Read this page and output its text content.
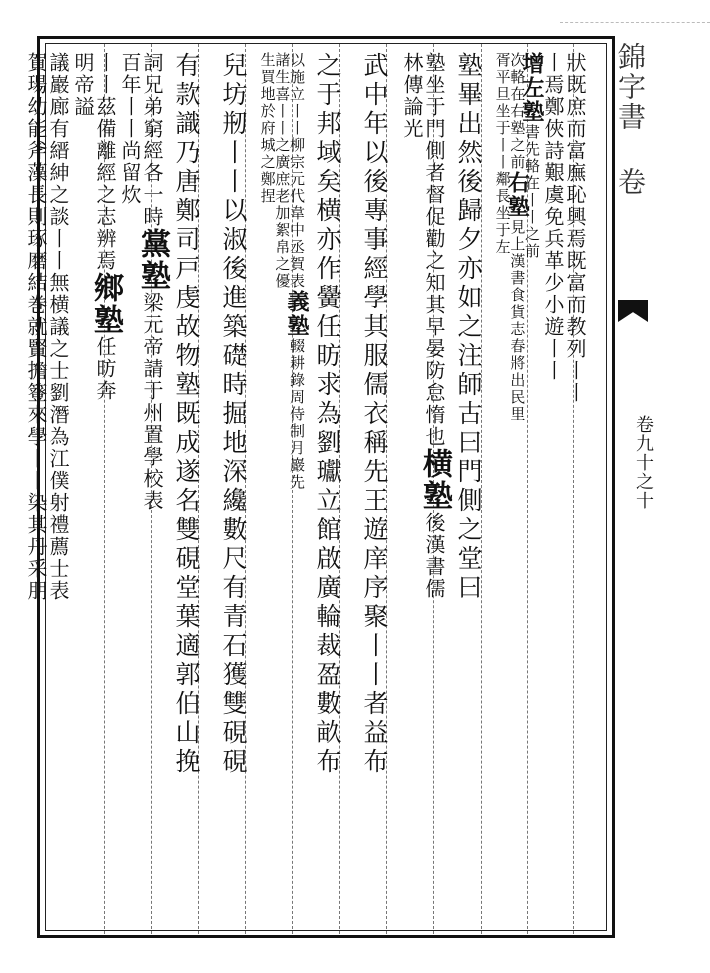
狀既庶而富廡恥興焉既富而教列丨丨
丨焉鄭俠詩艱虞免兵革少小遊丨丨
增左塾書先輅在丨丨之前
次輅在右塾之前右塾見上漢書食貨志春將出民里
胥平旦坐于丨丨鄰長坐于左
塾畢出然後歸夕亦如之注師古曰門側之堂曰
塾坐于門側者督促勸之知其早晏防怠惰也横塾後漢書儒
林傳論光
武中年以後專事經學其服儒衣稱先王遊庠序聚丨丨者益布
之于邦域矣横亦作黌任昉求為劉瓛立館啟廣輪裁盈數畝布
以施立丨丨柳宗元代韋中丞賀表義塾輟耕錄周侍制月巖先
諸生喜丨丨之廣庶老加絮帛之優
生買地於府城之鄭捏
兒坊剏丨丨以淑後進築礎時掘地深纔數尺有青石獲雙硯硯
有款識乃唐鄭司戸虔故物塾既成遂名雙硯堂葉適郭伯山挽
詞兄弟窮經各一時黨塾梁元帝請于州置學校表
百年丨丨尚留炊
丨丨茲備離經之志辨焉鄉塾任昉奔
明帝謚
議巖廊有縉紳之談丨丨無横議之士劉潛為江僕射禮薦士表
賀瑒幼能斧藻長則琢磨結巻就賢擔簦來學丨丨染其丹采朋	錦字書 卷
卷九十之十
